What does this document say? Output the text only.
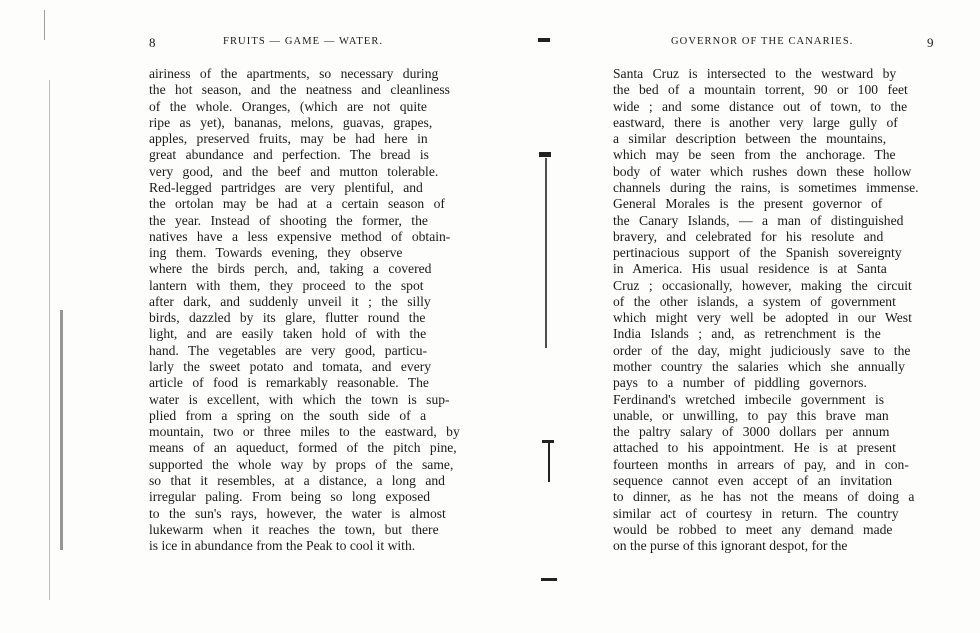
8	FRUITS — GAME — WATER.
airiness of the apartments, so necessary during
the hot season, and the neatness and cleanliness
of the whole. Oranges, (which are not quite
ripe as yet), bananas, melons, guavas, grapes,
apples, preserved fruits, may be had here in
great abundance and perfection. The bread is
very good, and the beef and mutton tolerable.
Red-legged partridges are very plentiful, and
the ortolan may be had at a certain season of
the year. Instead of shooting the former, the
natives have a less expensive method of obtain-
ing them. Towards evening, they observe
where the birds perch, and, taking a covered
lantern with them, they proceed to the spot
after dark, and suddenly unveil it ; the silly
birds, dazzled by its glare, flutter round the
light, and are easily taken hold of with the
hand. The vegetables are very good, particu-
larly the sweet potato and tomata, and every
article of food is remarkably reasonable. The
water is excellent, with which the town is sup-
plied from a spring on the south side of a
mountain, two or three miles to the eastward, by
means of an aqueduct, formed of the pitch pine,
supported the whole way by props of the same,
so that it resembles, at a distance, a long and
irregular paling. From being so long exposed
to the sun's rays, however, the water is almost
lukewarm when it reaches the town, but there
is ice in abundance from the Peak to cool it with.
GOVERNOR OF THE CANARIES.	9
Santa Cruz is intersected to the westward by
the bed of a mountain torrent, 90 or 100 feet
wide ; and some distance out of town, to the
eastward, there is another very large gully of
a similar description between the mountains,
which may be seen from the anchorage. The
body of water which rushes down these hollow
channels during the rains, is sometimes immense.
General Morales is the present governor of
the Canary Islands, — a man of distinguished
bravery, and celebrated for his resolute and
pertinacious support of the Spanish sovereignty
in America. His usual residence is at Santa
Cruz ; occasionally, however, making the circuit
of the other islands, a system of government
which might very well be adopted in our West
India Islands ; and, as retrenchment is the
order of the day, might judiciously save to the
mother country the salaries which she annually
pays to a number of piddling governors.
Ferdinand's wretched imbecile government is
unable, or unwilling, to pay this brave man
the paltry salary of 3000 dollars per annum
attached to his appointment. He is at present
fourteen months in arrears of pay, and in con-
sequence cannot even accept of an invitation
to dinner, as he has not the means of doing a
similar act of courtesy in return. The country
would be robbed to meet any demand made
on the purse of this ignorant despot, for the
